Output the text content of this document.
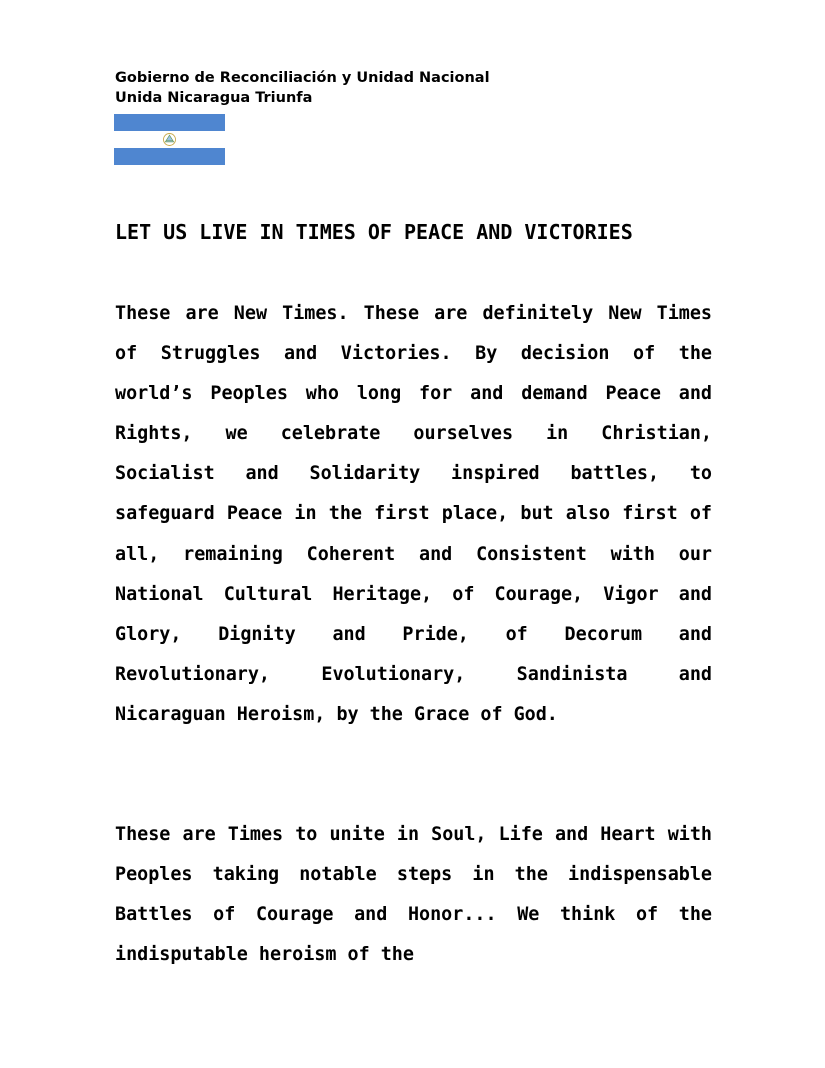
Gobierno de Reconciliación y Unidad Nacional
Unida Nicaragua Triunfa
LET US LIVE IN TIMES OF PEACE AND VICTORIES

These are New Times. These are definitely New Times of Struggles and Victories. By decision of the world’s Peoples who long for and demand Peace and Rights, we celebrate ourselves in Christian, Socialist and Solidarity inspired battles, to safeguard Peace in the first place, but also first of all, remaining Coherent and Consistent with our National Cultural Heritage, of Courage, Vigor and Glory, Dignity and Pride, of Decorum and Revolutionary, Evolutionary, Sandinista and Nicaraguan Heroism, by the Grace of God.

These are Times to unite in Soul, Life and Heart with Peoples taking notable steps in the indispensable Battles of Courage and Honor... We think of the indisputable heroism of the
